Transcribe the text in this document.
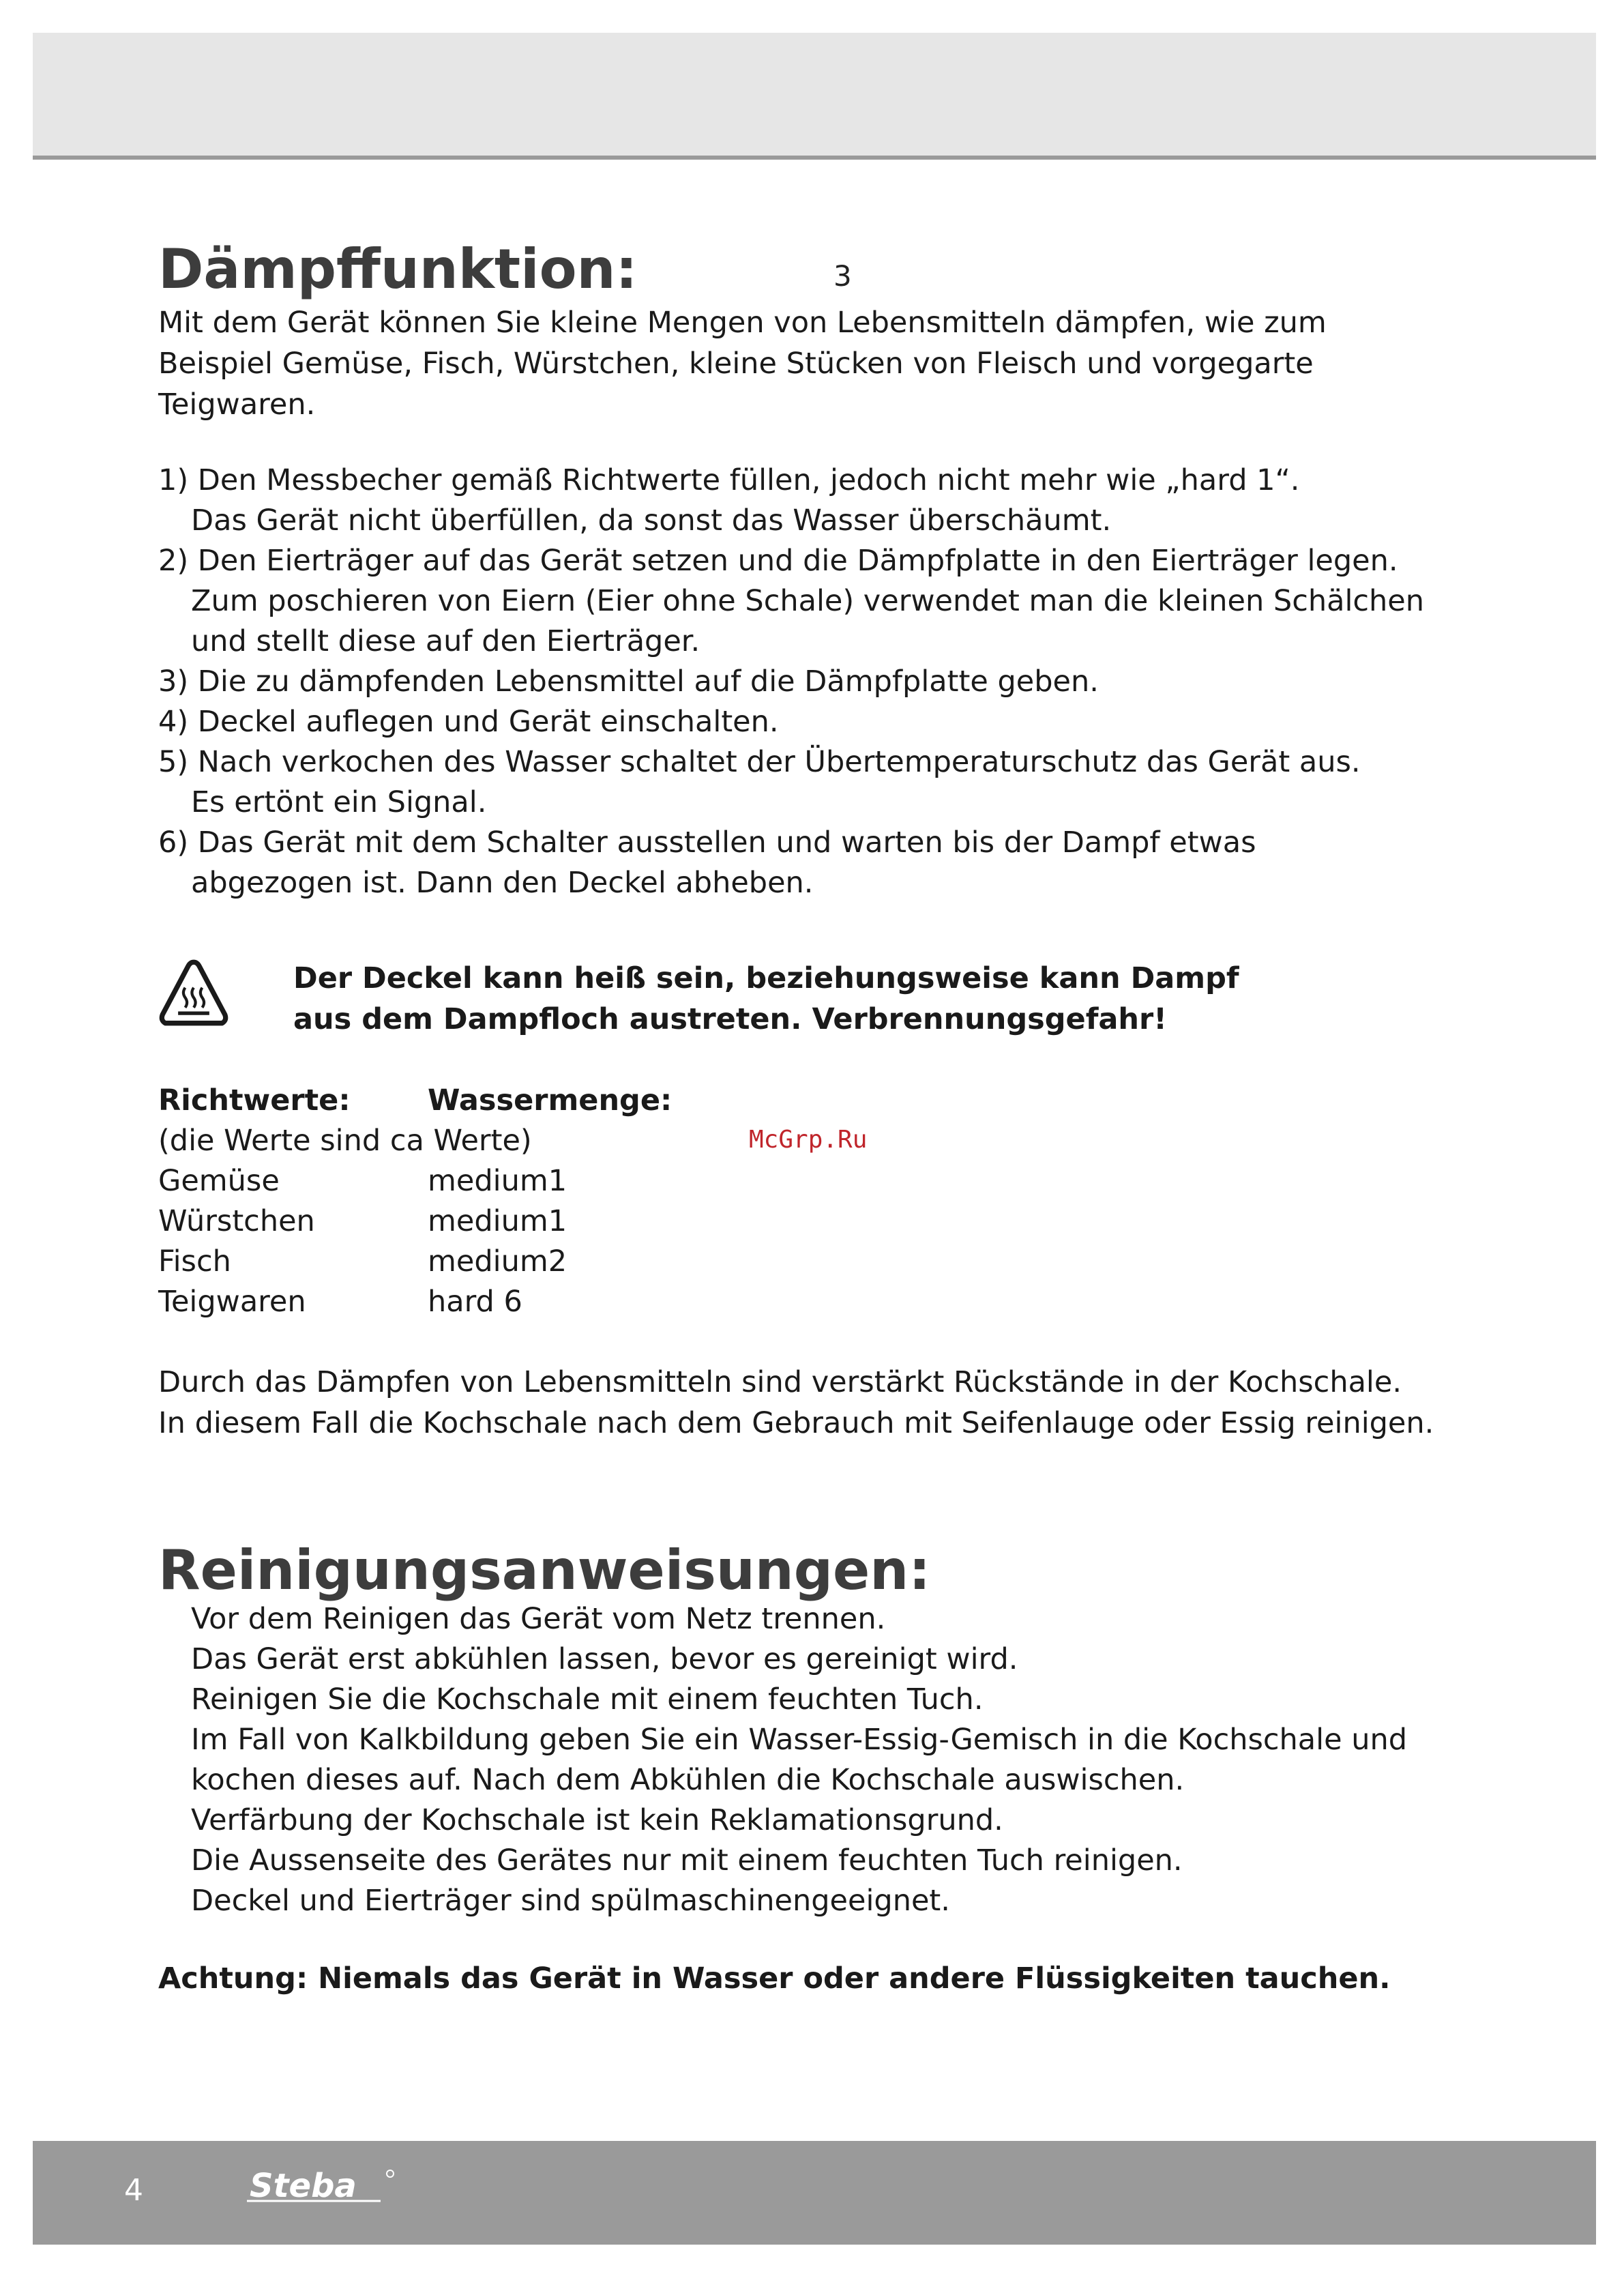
3
Dämpffunktion:
Mit dem Gerät können Sie kleine Mengen von Lebensmitteln dämpfen, wie zum
Beispiel Gemüse, Fisch, Würstchen, kleine Stücken von Fleisch und vorgegarte
Teigwaren.
1) Den Messbecher gemäß Richtwerte füllen, jedoch nicht mehr wie „hard 1“.
Das Gerät nicht überfüllen, da sonst das Wasser überschäumt.
2) Den Eierträger auf das Gerät setzen und die Dämpfplatte in den Eierträger legen.
Zum poschieren von Eiern (Eier ohne Schale) verwendet man die kleinen Schälchen
und stellt diese auf den Eierträger.
3) Die zu dämpfenden Lebensmittel auf die Dämpfplatte geben.
4) Deckel auflegen und Gerät einschalten.
5) Nach verkochen des Wasser schaltet der Übertemperaturschutz das Gerät aus.
Es ertönt ein Signal.
6) Das Gerät mit dem Schalter ausstellen und warten bis der Dampf etwas
abgezogen ist. Dann den Deckel abheben.
Der Deckel kann heiß sein, beziehungsweise kann Dampf
aus dem Dampfloch austreten. Verbrennungsgefahr!
Richtwerte:	Wassermenge:
(die Werte sind ca Werte)
Gemüse	medium1
Würstchen	medium1
Fisch	medium2
Teigwaren	hard 6
Durch das Dämpfen von Lebensmitteln sind verstärkt Rückstände in der Kochschale.
In diesem Fall die Kochschale nach dem Gebrauch mit Seifenlauge oder Essig reinigen.
Reinigungsanweisungen:
Vor dem Reinigen das Gerät vom Netz trennen.
Das Gerät erst abkühlen lassen, bevor es gereinigt wird.
Reinigen Sie die Kochschale mit einem feuchten Tuch.
Im Fall von Kalkbildung geben Sie ein Wasser-Essig-Gemisch in die Kochschale und
kochen dieses auf. Nach dem Abkühlen die Kochschale auswischen.
Verfärbung der Kochschale ist kein Reklamationsgrund.
Die Aussenseite des Gerätes nur mit einem feuchten Tuch reinigen.
Deckel und Eierträger sind spülmaschinengeeignet.
Achtung: Niemals das Gerät in Wasser oder andere Flüssigkeiten tauchen.
McGrp.Ru
4	Steba
